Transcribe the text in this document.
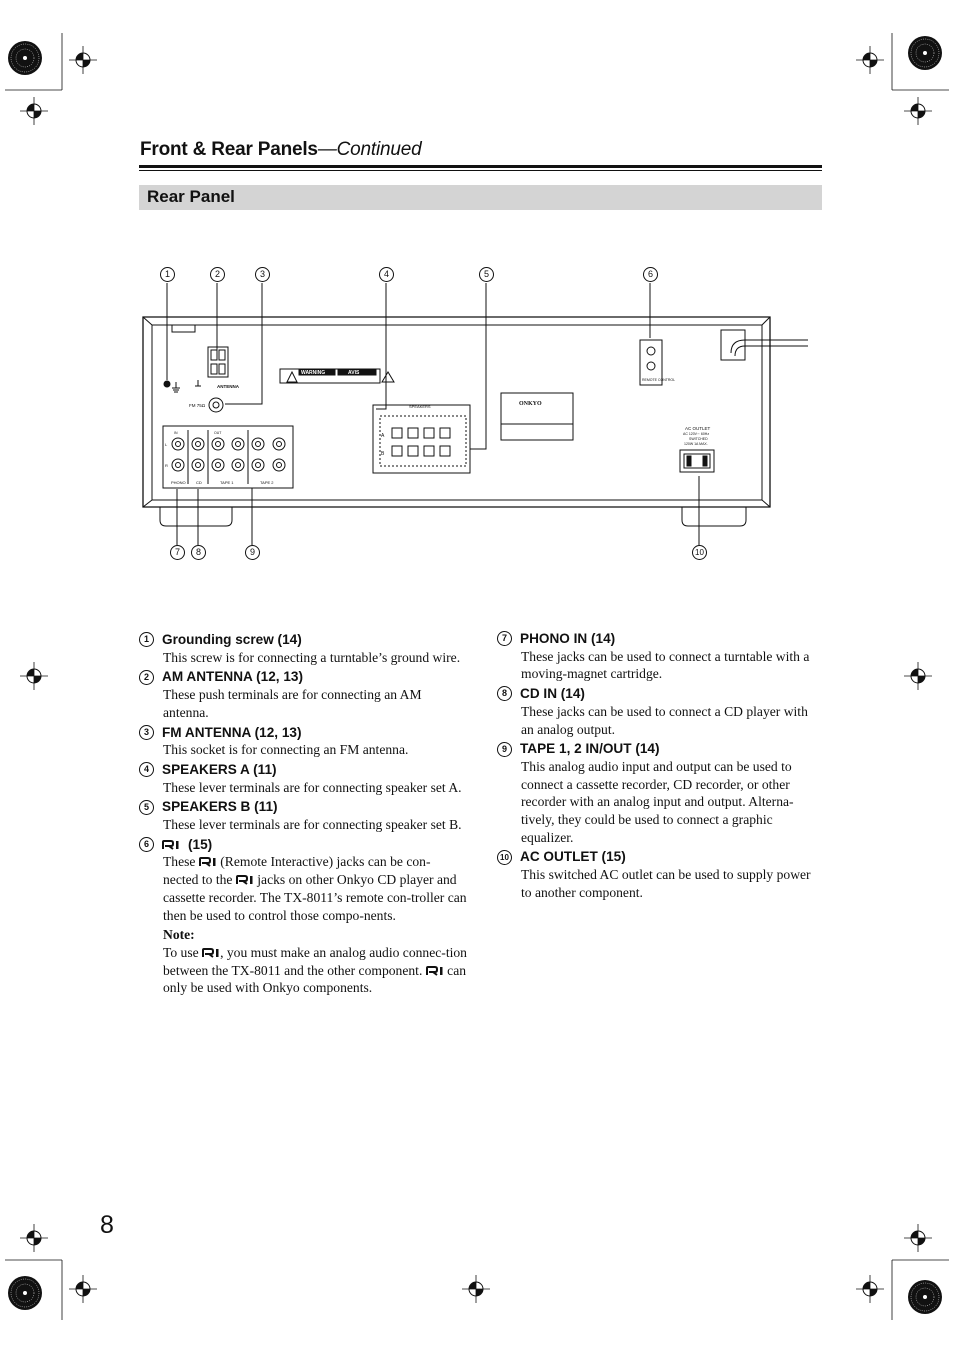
Front & Rear Panels—Continued
Rear Panel
1	2	3	4	5	6
7	8	9	10
WARNING	AVIS
ANTENNA
FM 75Ω	SPEAKERS
A
B
ONKYO
REMOTE CONTROL
AC OUTLET
AC 120V∼ 60Hz
SWITCHED
120W 1A MAX.
PHONO	CD	TAPE 1	TAPE 2
IN	OUT
L
R
1 Grounding screw (14)
This screw is for connecting a turntable’s ground wire.
2 AM ANTENNA (12, 13)
These push terminals are for connecting an AM antenna.
3 FM ANTENNA (12, 13)
This socket is for connecting an FM antenna.
4 SPEAKERS A (11)
These lever terminals are for connecting speaker set A.
5 SPEAKERS B (11)
These lever terminals are for connecting speaker set B.
6	(15)
These (Remote Interactive) jacks can be con- nected to the jacks on other Onkyo CD player and cassette recorder. The TX-8011’s remote con-troller can then be used to control those compo-nents.
Note:
To use , you must make an analog audio connec-tion between the TX-8011 and the other component. can only be used with Onkyo components.
7 PHONO IN (14)
These jacks can be used to connect a turntable with a moving-magnet cartridge.
8 CD IN (14)
These jacks can be used to connect a CD player with an analog output.
9 TAPE 1, 2 IN/OUT (14)
This analog audio input and output can be used to connect a cassette recorder, CD recorder, or other recorder with an analog input and output. Alterna-tively, they could be used to connect a graphic equalizer.
10 AC OUTLET (15)
This switched AC outlet can be used to supply power to another component.
8
